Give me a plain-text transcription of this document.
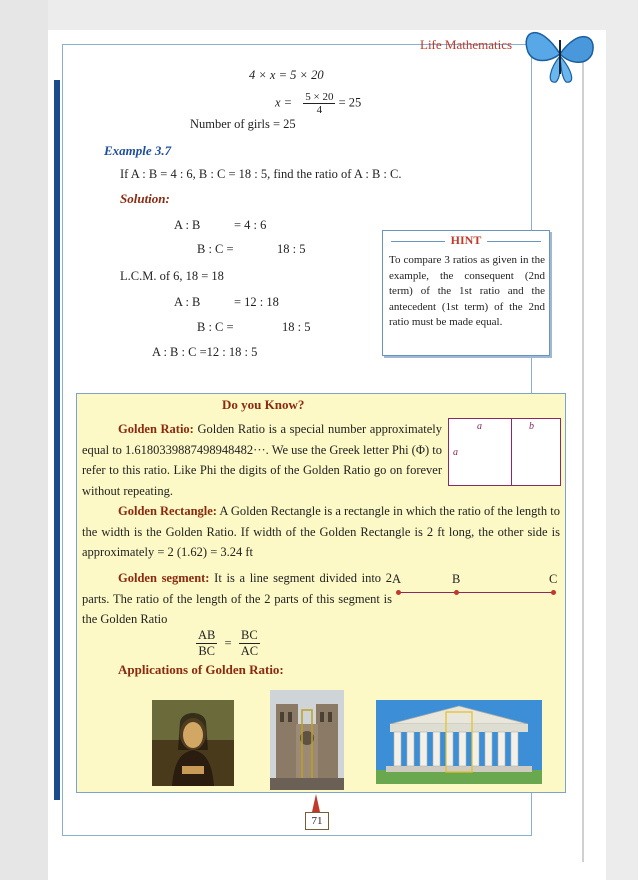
Life Mathematics
4 × x = 5 × 20
$x = \frac{5 \times 20}{4} = 25$
Number of girls = 25
Example 3.7
If A : B = 4 : 6, B : C = 18 : 5, find the ratio of A : B : C.
Solution:
A : B	= 4 : 6
B : C =	18 : 5
L.C.M. of 6, 18 = 18
A : B	= 12 : 18
B : C =	18 : 5
A : B : C =12 : 18 : 5
HINT
To compare 3 ratios as given in the example, the consequent (2nd term) of the 1st ratio and the antecedent (1st term) of the 2nd ratio must be made equal.
Do you Know?
Golden Ratio: Golden Ratio is a special number approximately equal to 1.6180339887498948482···. We use the Greek letter Phi (Φ) to refer to this ratio. Like Phi the digits of the Golden Ratio go on forever without repeating.
a	b
a
Golden Rectangle: A Golden Rectangle is a rectangle in which the ratio of the length to the width is the Golden Ratio. If width of the Golden Rectangle is 2 ft long, the other side is approximately = 2 (1.62) = 3.24 ft
Golden segment: It is a line segment divided into 2 parts. The ratio of the length of the 2 parts of this segment is the Golden Ratio
A	B	C
$\frac{AB}{BC} = \frac{BC}{AC}$
Applications of Golden Ratio:
71
